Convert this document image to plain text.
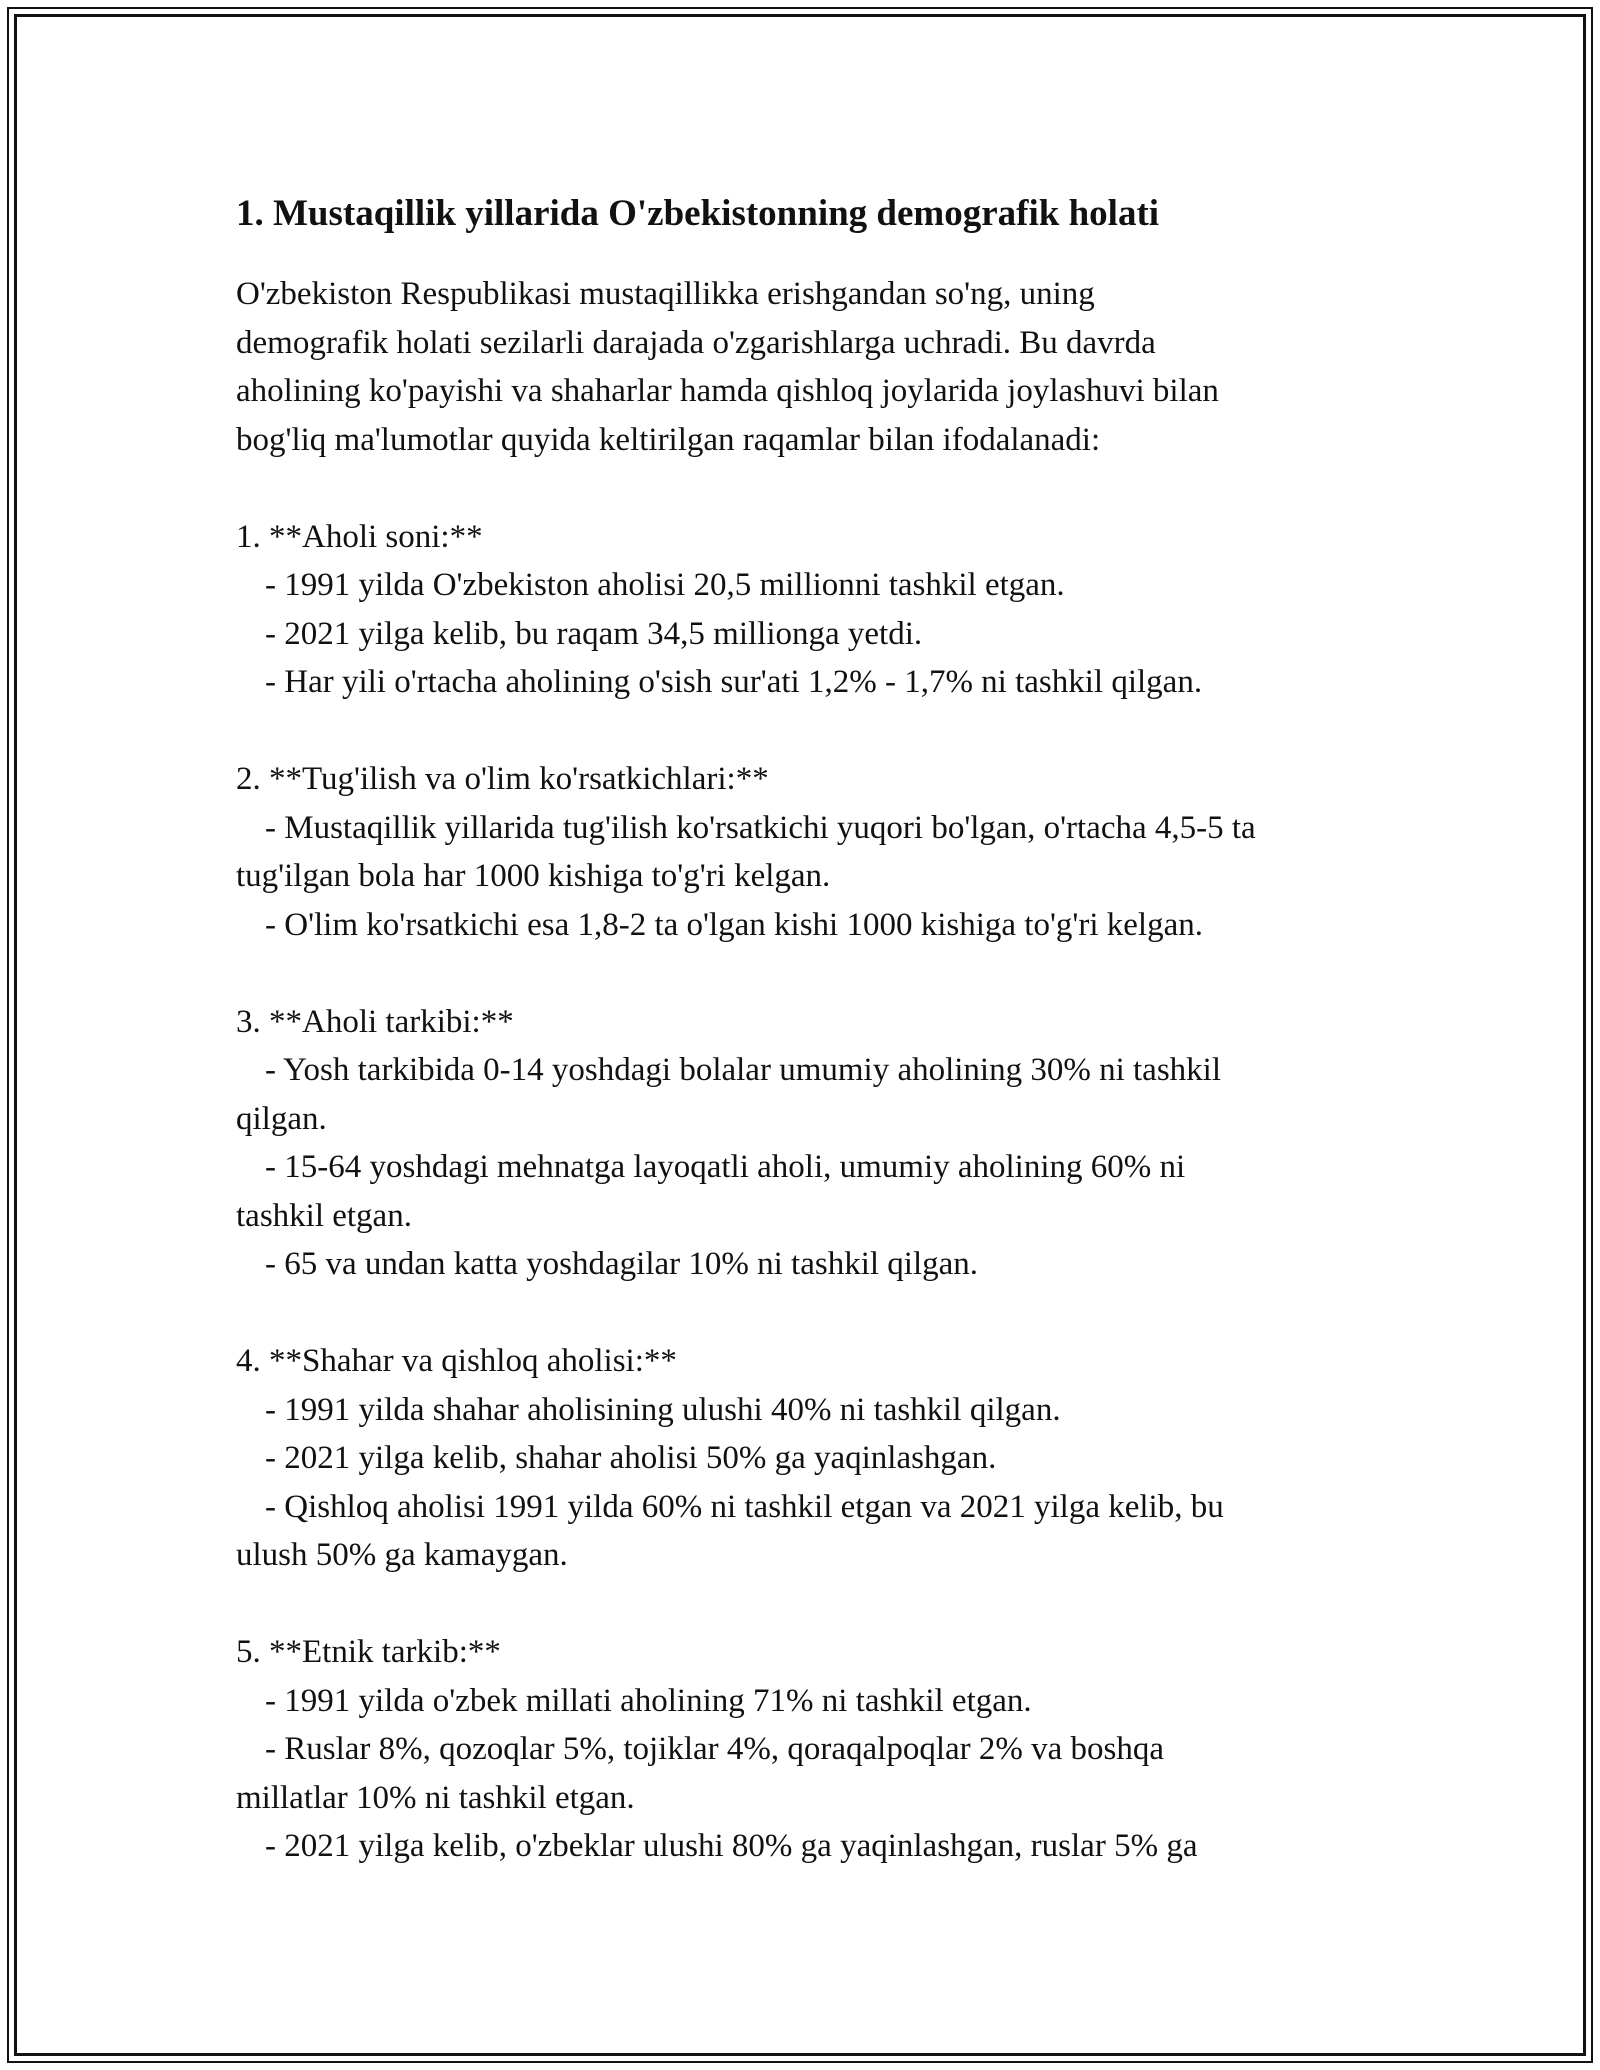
1. Mustaqillik yillarida O'zbekistonning demografik holati
O'zbekiston Respublikasi mustaqillikka erishgandan so'ng, uning
demografik holati sezilarli darajada o'zgarishlarga uchradi. Bu davrda
aholining ko'payishi va shaharlar hamda qishloq joylarida joylashuvi bilan
bog'liq ma'lumotlar quyida keltirilgan raqamlar bilan ifodalanadi:
1. **Aholi soni:**
- 1991 yilda O'zbekiston aholisi 20,5 millionni tashkil etgan.
- 2021 yilga kelib, bu raqam 34,5 millionga yetdi.
- Har yili o'rtacha aholining o'sish sur'ati 1,2% - 1,7% ni tashkil qilgan.
2. **Tug'ilish va o'lim ko'rsatkichlari:**
- Mustaqillik yillarida tug'ilish ko'rsatkichi yuqori bo'lgan, o'rtacha 4,5-5 ta
tug'ilgan bola har 1000 kishiga to'g'ri kelgan.
- O'lim ko'rsatkichi esa 1,8-2 ta o'lgan kishi 1000 kishiga to'g'ri kelgan.
3. **Aholi tarkibi:**
- Yosh tarkibida 0-14 yoshdagi bolalar umumiy aholining 30% ni tashkil
qilgan.
- 15-64 yoshdagi mehnatga layoqatli aholi, umumiy aholining 60% ni
tashkil etgan.
- 65 va undan katta yoshdagilar 10% ni tashkil qilgan.
4. **Shahar va qishloq aholisi:**
- 1991 yilda shahar aholisining ulushi 40% ni tashkil qilgan.
- 2021 yilga kelib, shahar aholisi 50% ga yaqinlashgan.
- Qishloq aholisi 1991 yilda 60% ni tashkil etgan va 2021 yilga kelib, bu
ulush 50% ga kamaygan.
5. **Etnik tarkib:**
- 1991 yilda o'zbek millati aholining 71% ni tashkil etgan.
- Ruslar 8%, qozoqlar 5%, tojiklar 4%, qoraqalpoqlar 2% va boshqa
millatlar 10% ni tashkil etgan.
- 2021 yilga kelib, o'zbeklar ulushi 80% ga yaqinlashgan, ruslar 5% ga
